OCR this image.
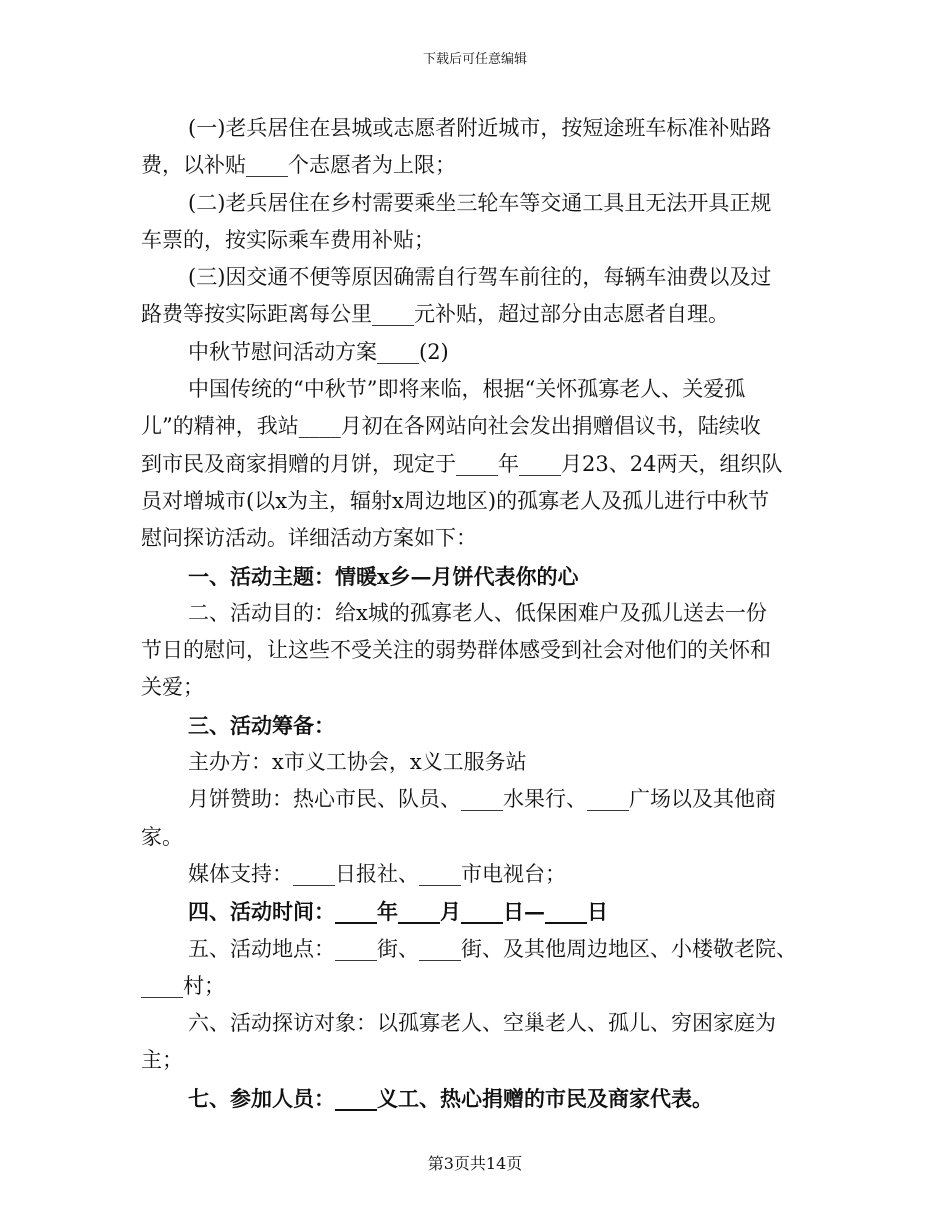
下载后可任意编辑
(一)老兵居住在县城或志愿者附近城市，按短途班车标准补贴路
费，以补贴____个志愿者为上限；
(二)老兵居住在乡村需要乘坐三轮车等交通工具且无法开具正规
车票的，按实际乘车费用补贴；
(三)因交通不便等原因确需自行驾车前往的，每辆车油费以及过
路费等按实际距离每公里____元补贴，超过部分由志愿者自理。
中秋节慰问活动方案____(2)
中国传统的“中秋节”即将来临，根据“关怀孤寡老人、关爱孤
儿”的精神，我站____月初在各网站向社会发出捐赠倡议书，陆续收
到市民及商家捐赠的月饼，现定于____年____月23、24两天，组织队
员对增城市(以x为主，辐射x周边地区)的孤寡老人及孤儿进行中秋节
慰问探访活动。详细活动方案如下：
一、活动主题：情暖x乡—月饼代表你的心
二、活动目的：给x城的孤寡老人、低保困难户及孤儿送去一份
节日的慰问，让这些不受关注的弱势群体感受到社会对他们的关怀和
关爱；
三、活动筹备：
主办方：x市义工协会，x义工服务站
月饼赞助：热心市民、队员、____水果行、____广场以及其他商
家。
媒体支持：____日报社、____市电视台；
四、活动时间：____年____月____日—____日
五、活动地点：____街、____街、及其他周边地区、小楼敬老院、
____村；
六、活动探访对象：以孤寡老人、空巢老人、孤儿、穷困家庭为
主；
七、参加人员：____义工、热心捐赠的市民及商家代表。
第3页共14页
